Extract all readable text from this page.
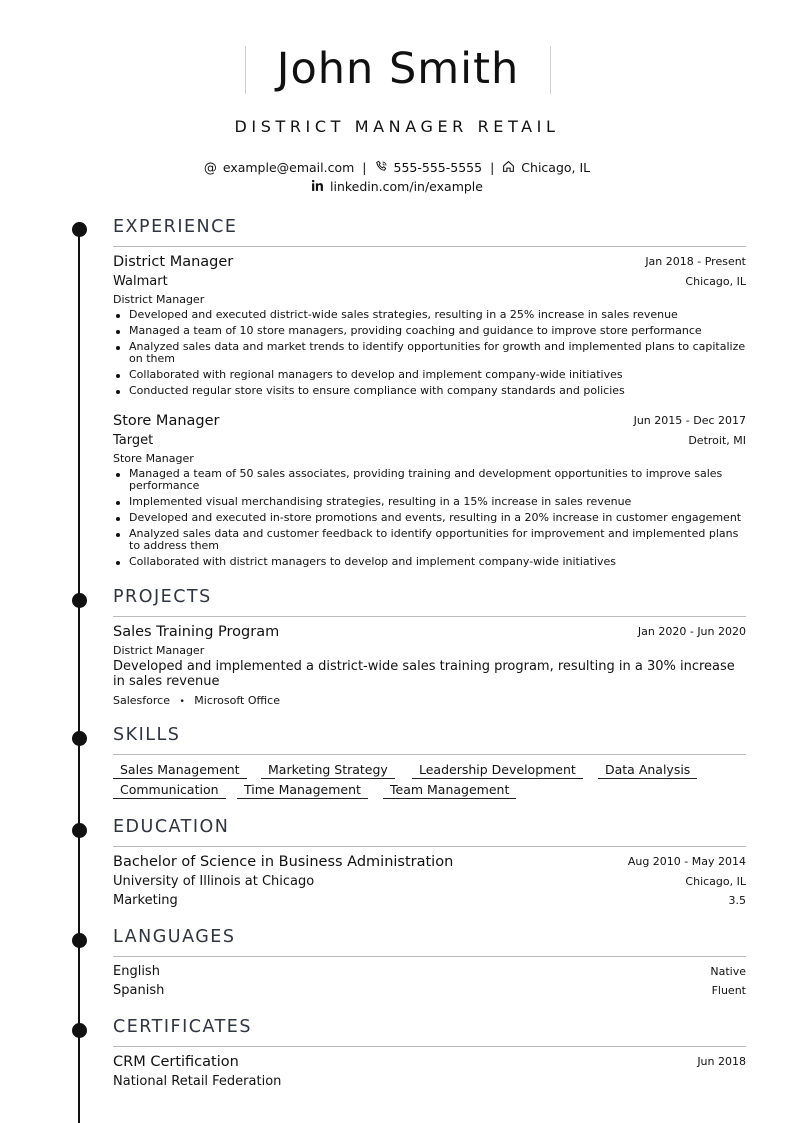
John Smith
DISTRICT MANAGER RETAIL
@ example@email.com | 555-555-5555 | Chicago, IL
linkedin.com/in/example
EXPERIENCE
District Manager	Jan 2018 - Present
Walmart	Chicago, IL
District Manager
Developed and executed district-wide sales strategies, resulting in a 25% increase in sales revenue
Managed a team of 10 store managers, providing coaching and guidance to improve store performance
Analyzed sales data and market trends to identify opportunities for growth and implemented plans to capitalize on them
Collaborated with regional managers to develop and implement company-wide initiatives
Conducted regular store visits to ensure compliance with company standards and policies
Store Manager	Jun 2015 - Dec 2017
Target	Detroit, MI
Store Manager
Managed a team of 50 sales associates, providing training and development opportunities to improve sales performance
Implemented visual merchandising strategies, resulting in a 15% increase in sales revenue
Developed and executed in-store promotions and events, resulting in a 20% increase in customer engagement
Analyzed sales data and customer feedback to identify opportunities for improvement and implemented plans to address them
Collaborated with district managers to develop and implement company-wide initiatives
PROJECTS
Sales Training Program	Jan 2020 - Jun 2020
District Manager
Developed and implemented a district-wide sales training program, resulting in a 30% increase in sales revenue
Salesforce • Microsoft Office
SKILLS
Sales Management	Marketing Strategy	Leadership Development	Data Analysis
Communication	Time Management	Team Management
EDUCATION
Bachelor of Science in Business Administration	Aug 2010 - May 2014
University of Illinois at Chicago	Chicago, IL
Marketing	3.5
LANGUAGES
English	Native
Spanish	Fluent
CERTIFICATES
CRM Certification	Jun 2018
National Retail Federation
